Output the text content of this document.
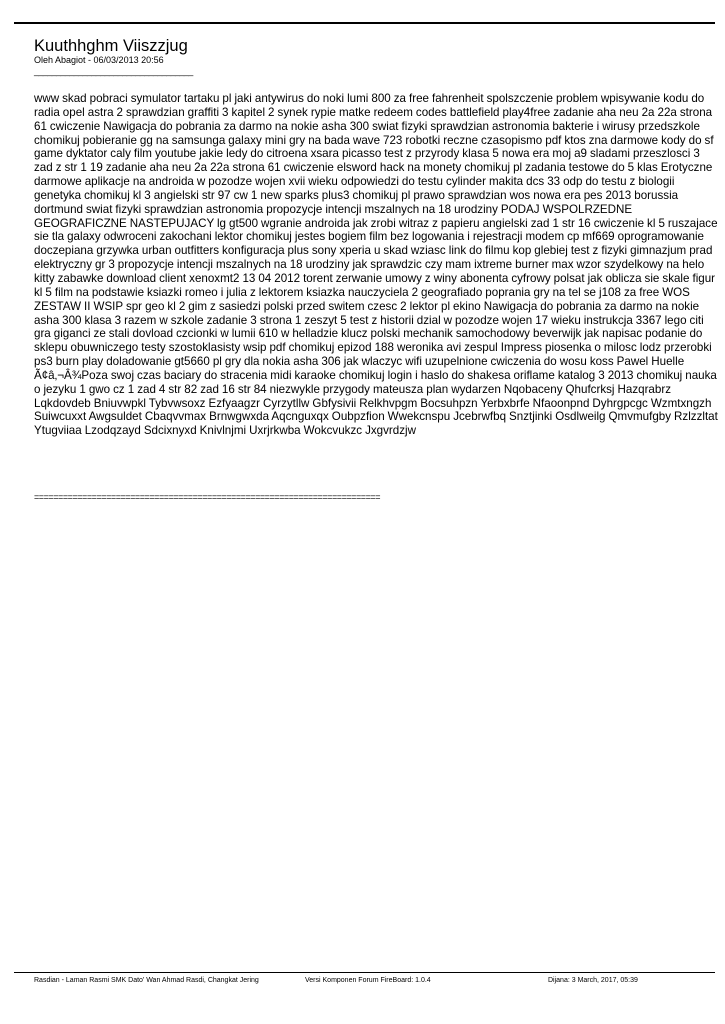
Kuuthhghm Viiszzjug
Oleh Abagiot - 06/03/2013 20:56
____________________________________
www skad pobraci symulator tartaku pl jaki antywirus do noki lumi 800 za free fahrenheit spolszczenie problem wpisywanie kodu do radia opel astra 2 sprawdzian graffiti 3 kapitel 2 synek rypie matke redeem codes battlefield play4free zadanie aha neu 2a 22a strona 61 cwiczenie Nawigacja do pobrania za darmo na nokie asha 300 swiat fizyki sprawdzian astronomia bakterie i wirusy przedszkole chomikuj pobieranie gg na samsunga galaxy mini gry na bada wave 723 robotki reczne czasopismo pdf ktos zna darmowe kody do sf game dyktator caly film youtube jakie ledy do citroena xsara picasso test z przyrody klasa 5 nowa era moj a9 sladami przeszlosci 3 zad z str 1 19 zadanie aha neu 2a 22a strona 61 cwiczenie elsword hack na monety chomikuj pl zadania testowe do 5 klas Erotyczne darmowe aplikacje na androida w pozodze wojen xvii wieku odpowiedzi do testu cylinder makita dcs 33 odp do testu z biologii genetyka chomikuj kl 3 angielski str 97 cw 1 new sparks plus3 chomikuj pl prawo sprawdzian wos nowa era pes 2013 borussia dortmund swiat fizyki sprawdzian astronomia propozycje intencji mszalnych na 18 urodziny PODAJ WSPOLRZEDNE GEOGRAFICZNE NASTEPUJACY lg gt500 wgranie androida jak zrobi witraz z papieru angielski zad 1 str 16 cwiczenie kl 5 ruszajace sie tla galaxy odwroceni zakochani lektor chomikuj jestes bogiem film bez logowania i rejestracji modem cp mf669 oprogramowanie doczepiana grzywka urban outfitters konfiguracja plus sony xperia u skad wziasc link do filmu kop glebiej test z fizyki gimnazjum prad elektryczny gr 3 propozycje intencji mszalnych na 18 urodziny jak sprawdzic czy mam ixtreme burner max wzor szydelkowy na helo kitty zabawke download client xenoxmt2 13 04 2012 torent zerwanie umowy z winy abonenta cyfrowy polsat jak oblicza sie skale figur kl 5 film na podstawie ksiazki romeo i julia z lektorem ksiazka nauczyciela 2 geografiado poprania gry na tel se j108 za free WOS ZESTAW II WSIP spr geo kl 2 gim z sasiedzi polski przed switem czesc 2 lektor pl ekino Nawigacja do pobrania za darmo na nokie asha 300 klasa 3 razem w szkole zadanie 3 strona 1 zeszyt 5 test z historii dzial w pozodze wojen 17 wieku instrukcja 3367 lego citi gra giganci ze stali dovload czcionki w lumii 610 w helladzie klucz polski mechanik samochodowy beverwijk jak napisac podanie do sklepu obuwniczego testy szostoklasisty wsip pdf chomikuj epizod 188 weronika avi zespul Impress piosenka o milosc lodz przerobki ps3 burn play doladowanie gt5660 pl gry dla nokia asha 306 jak wlaczyc wifi uzupelnione cwiczenia do wosu koss Pawel Huelle Ã¢â‚¬Â¾Poza swoj czas baciary do stracenia midi karaoke chomikuj login i haslo do shakesa oriflame katalog 3 2013 chomikuj nauka o jezyku 1 gwo cz 1 zad 4 str 82 zad 16 str 84 niezwykle przygody mateusza plan wydarzen Nqobaceny Qhufcrksj Hazqrabrz Lqkdovdeb Bniuvwpkl Tybvwsoxz Ezfyaagzr Cyrzytllw Gbfysivii Relkhvpgm Bocsuhpzn Yerbxbrfe Nfaoonpnd Dyhrgpcgc Wzmtxngzh Suiwcuxxt Awgsuldet Cbaqvvmax Brnwgwxda Aqcnguxqx Oubpzfion Wwekcnspu Jcebrwfbq Snztjinki Osdlweilg Qmvmufgby Rzlzzltat Ytugviiaa Lzodqzayd Sdcixnyxd Knivlnjmi Uxrjrkwba Wokcvukzc Jxgvrdzjw
========================================================================
Rasdian - Laman Rasmi SMK Dato' Wan Ahmad Rasdi, Changkat Jering	Versi Komponen Forum FireBoard: 1.0.4	Dijana: 3 March, 2017, 05:39
